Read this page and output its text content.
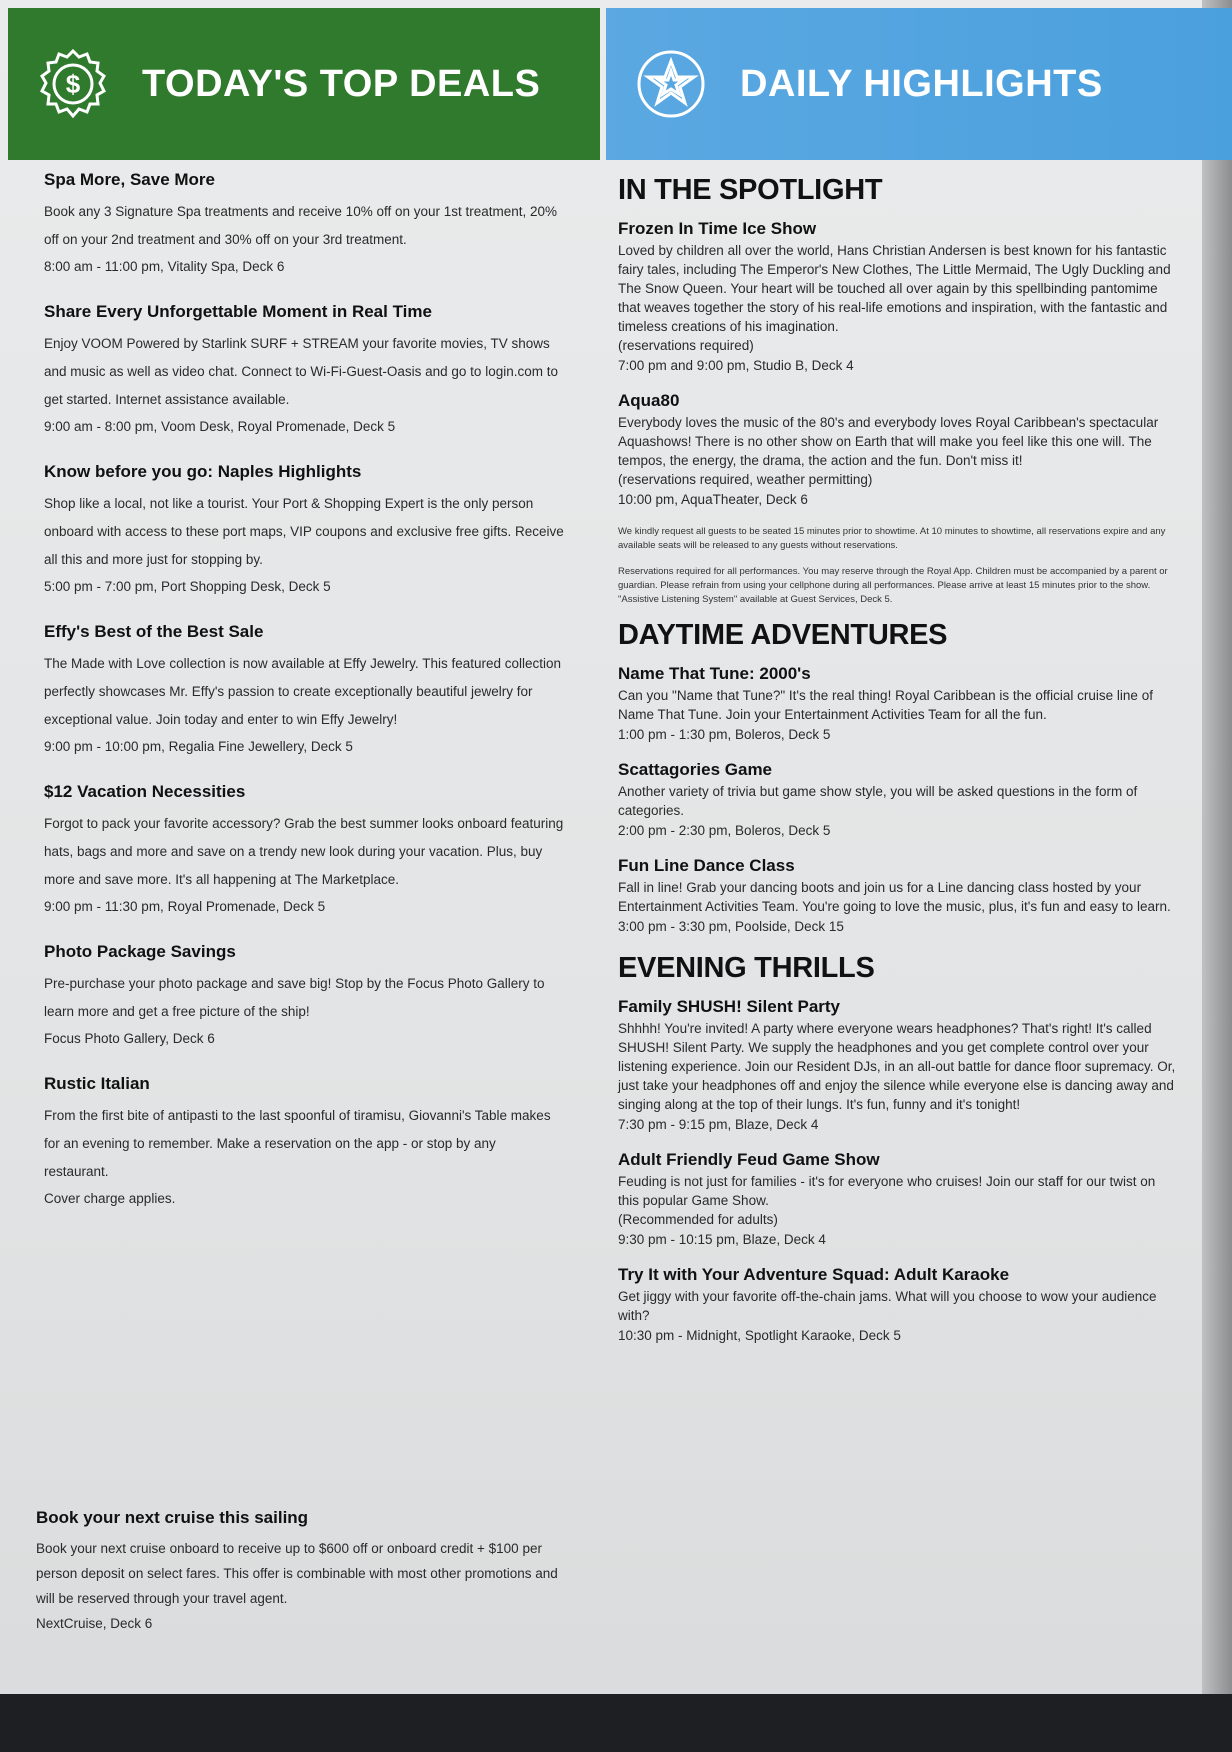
$ TODAY'S TOP DEALS	DAILY HIGHLIGHTS
Spa More, Save More
Book any 3 Signature Spa treatments and receive 10% off on your 1st treatment, 20% off on your 2nd treatment and 30% off on your 3rd treatment.
8:00 am - 11:00 pm, Vitality Spa, Deck 6
Share Every Unforgettable Moment in Real Time
Enjoy VOOM Powered by Starlink SURF + STREAM your favorite movies, TV shows and music as well as video chat. Connect to Wi-Fi-Guest-Oasis and go to login.com to get started. Internet assistance available.
9:00 am - 8:00 pm, Voom Desk, Royal Promenade, Deck 5
Know before you go: Naples Highlights
Shop like a local, not like a tourist. Your Port & Shopping Expert is the only person onboard with access to these port maps, VIP coupons and exclusive free gifts. Receive all this and more just for stopping by.
5:00 pm - 7:00 pm, Port Shopping Desk, Deck 5
Effy's Best of the Best Sale
The Made with Love collection is now available at Effy Jewelry. This featured collection perfectly showcases Mr. Effy's passion to create exceptionally beautiful jewelry for exceptional value. Join today and enter to win Effy Jewelry!
9:00 pm - 10:00 pm, Regalia Fine Jewellery, Deck 5
$12 Vacation Necessities
Forgot to pack your favorite accessory? Grab the best summer looks onboard featuring hats, bags and more and save on a trendy new look during your vacation. Plus, buy more and save more. It's all happening at The Marketplace.
9:00 pm - 11:30 pm, Royal Promenade, Deck 5
Photo Package Savings
Pre-purchase your photo package and save big! Stop by the Focus Photo Gallery to learn more and get a free picture of the ship!
Focus Photo Gallery, Deck 6
Rustic Italian
From the first bite of antipasti to the last spoonful of tiramisu, Giovanni's Table makes for an evening to remember. Make a reservation on the app - or stop by any restaurant.
Cover charge applies.
Book your next cruise this sailing
Book your next cruise onboard to receive up to $600 off or onboard credit + $100 per person deposit on select fares. This offer is combinable with most other promotions and will be reserved through your travel agent.
NextCruise, Deck 6
IN THE SPOTLIGHT
Frozen In Time Ice Show
Loved by children all over the world, Hans Christian Andersen is best known for his fantastic fairy tales, including The Emperor's New Clothes, The Little Mermaid, The Ugly Duckling and The Snow Queen. Your heart will be touched all over again by this spellbinding pantomime that weaves together the story of his real-life emotions and inspiration, with the fantastic and timeless creations of his imagination.
(reservations required)
7:00 pm and 9:00 pm, Studio B, Deck 4
Aqua80
Everybody loves the music of the 80's and everybody loves Royal Caribbean's spectacular Aquashows! There is no other show on Earth that will make you feel like this one will. The tempos, the energy, the drama, the action and the fun. Don't miss it!
(reservations required, weather permitting)
10:00 pm, AquaTheater, Deck 6
We kindly request all guests to be seated 15 minutes prior to showtime. At 10 minutes to showtime, all reservations expire and any available seats will be released to any guests without reservations.
Reservations required for all performances. You may reserve through the Royal App. Children must be accompanied by a parent or guardian. Please refrain from using your cellphone during all performances. Please arrive at least 15 minutes prior to the show. "Assistive Listening System" available at Guest Services, Deck 5.
DAYTIME ADVENTURES
Name That Tune: 2000's
Can you "Name that Tune?" It's the real thing! Royal Caribbean is the official cruise line of Name That Tune. Join your Entertainment Activities Team for all the fun.
1:00 pm - 1:30 pm, Boleros, Deck 5
Scattagories Game
Another variety of trivia but game show style, you will be asked questions in the form of categories.
2:00 pm - 2:30 pm, Boleros, Deck 5
Fun Line Dance Class
Fall in line! Grab your dancing boots and join us for a Line dancing class hosted by your Entertainment Activities Team. You're going to love the music, plus, it's fun and easy to learn.
3:00 pm - 3:30 pm, Poolside, Deck 15
EVENING THRILLS
Family SHUSH! Silent Party
Shhhh! You're invited! A party where everyone wears headphones? That's right! It's called SHUSH! Silent Party. We supply the headphones and you get complete control over your listening experience. Join our Resident DJs, in an all-out battle for dance floor supremacy. Or, just take your headphones off and enjoy the silence while everyone else is dancing away and singing along at the top of their lungs. It's fun, funny and it's tonight!
7:30 pm - 9:15 pm, Blaze, Deck 4
Adult Friendly Feud Game Show
Feuding is not just for families - it's for everyone who cruises! Join our staff for our twist on this popular Game Show.
(Recommended for adults)
9:30 pm - 10:15 pm, Blaze, Deck 4
Try It with Your Adventure Squad: Adult Karaoke
Get jiggy with your favorite off-the-chain jams. What will you choose to wow your audience with?
10:30 pm - Midnight, Spotlight Karaoke, Deck 5
